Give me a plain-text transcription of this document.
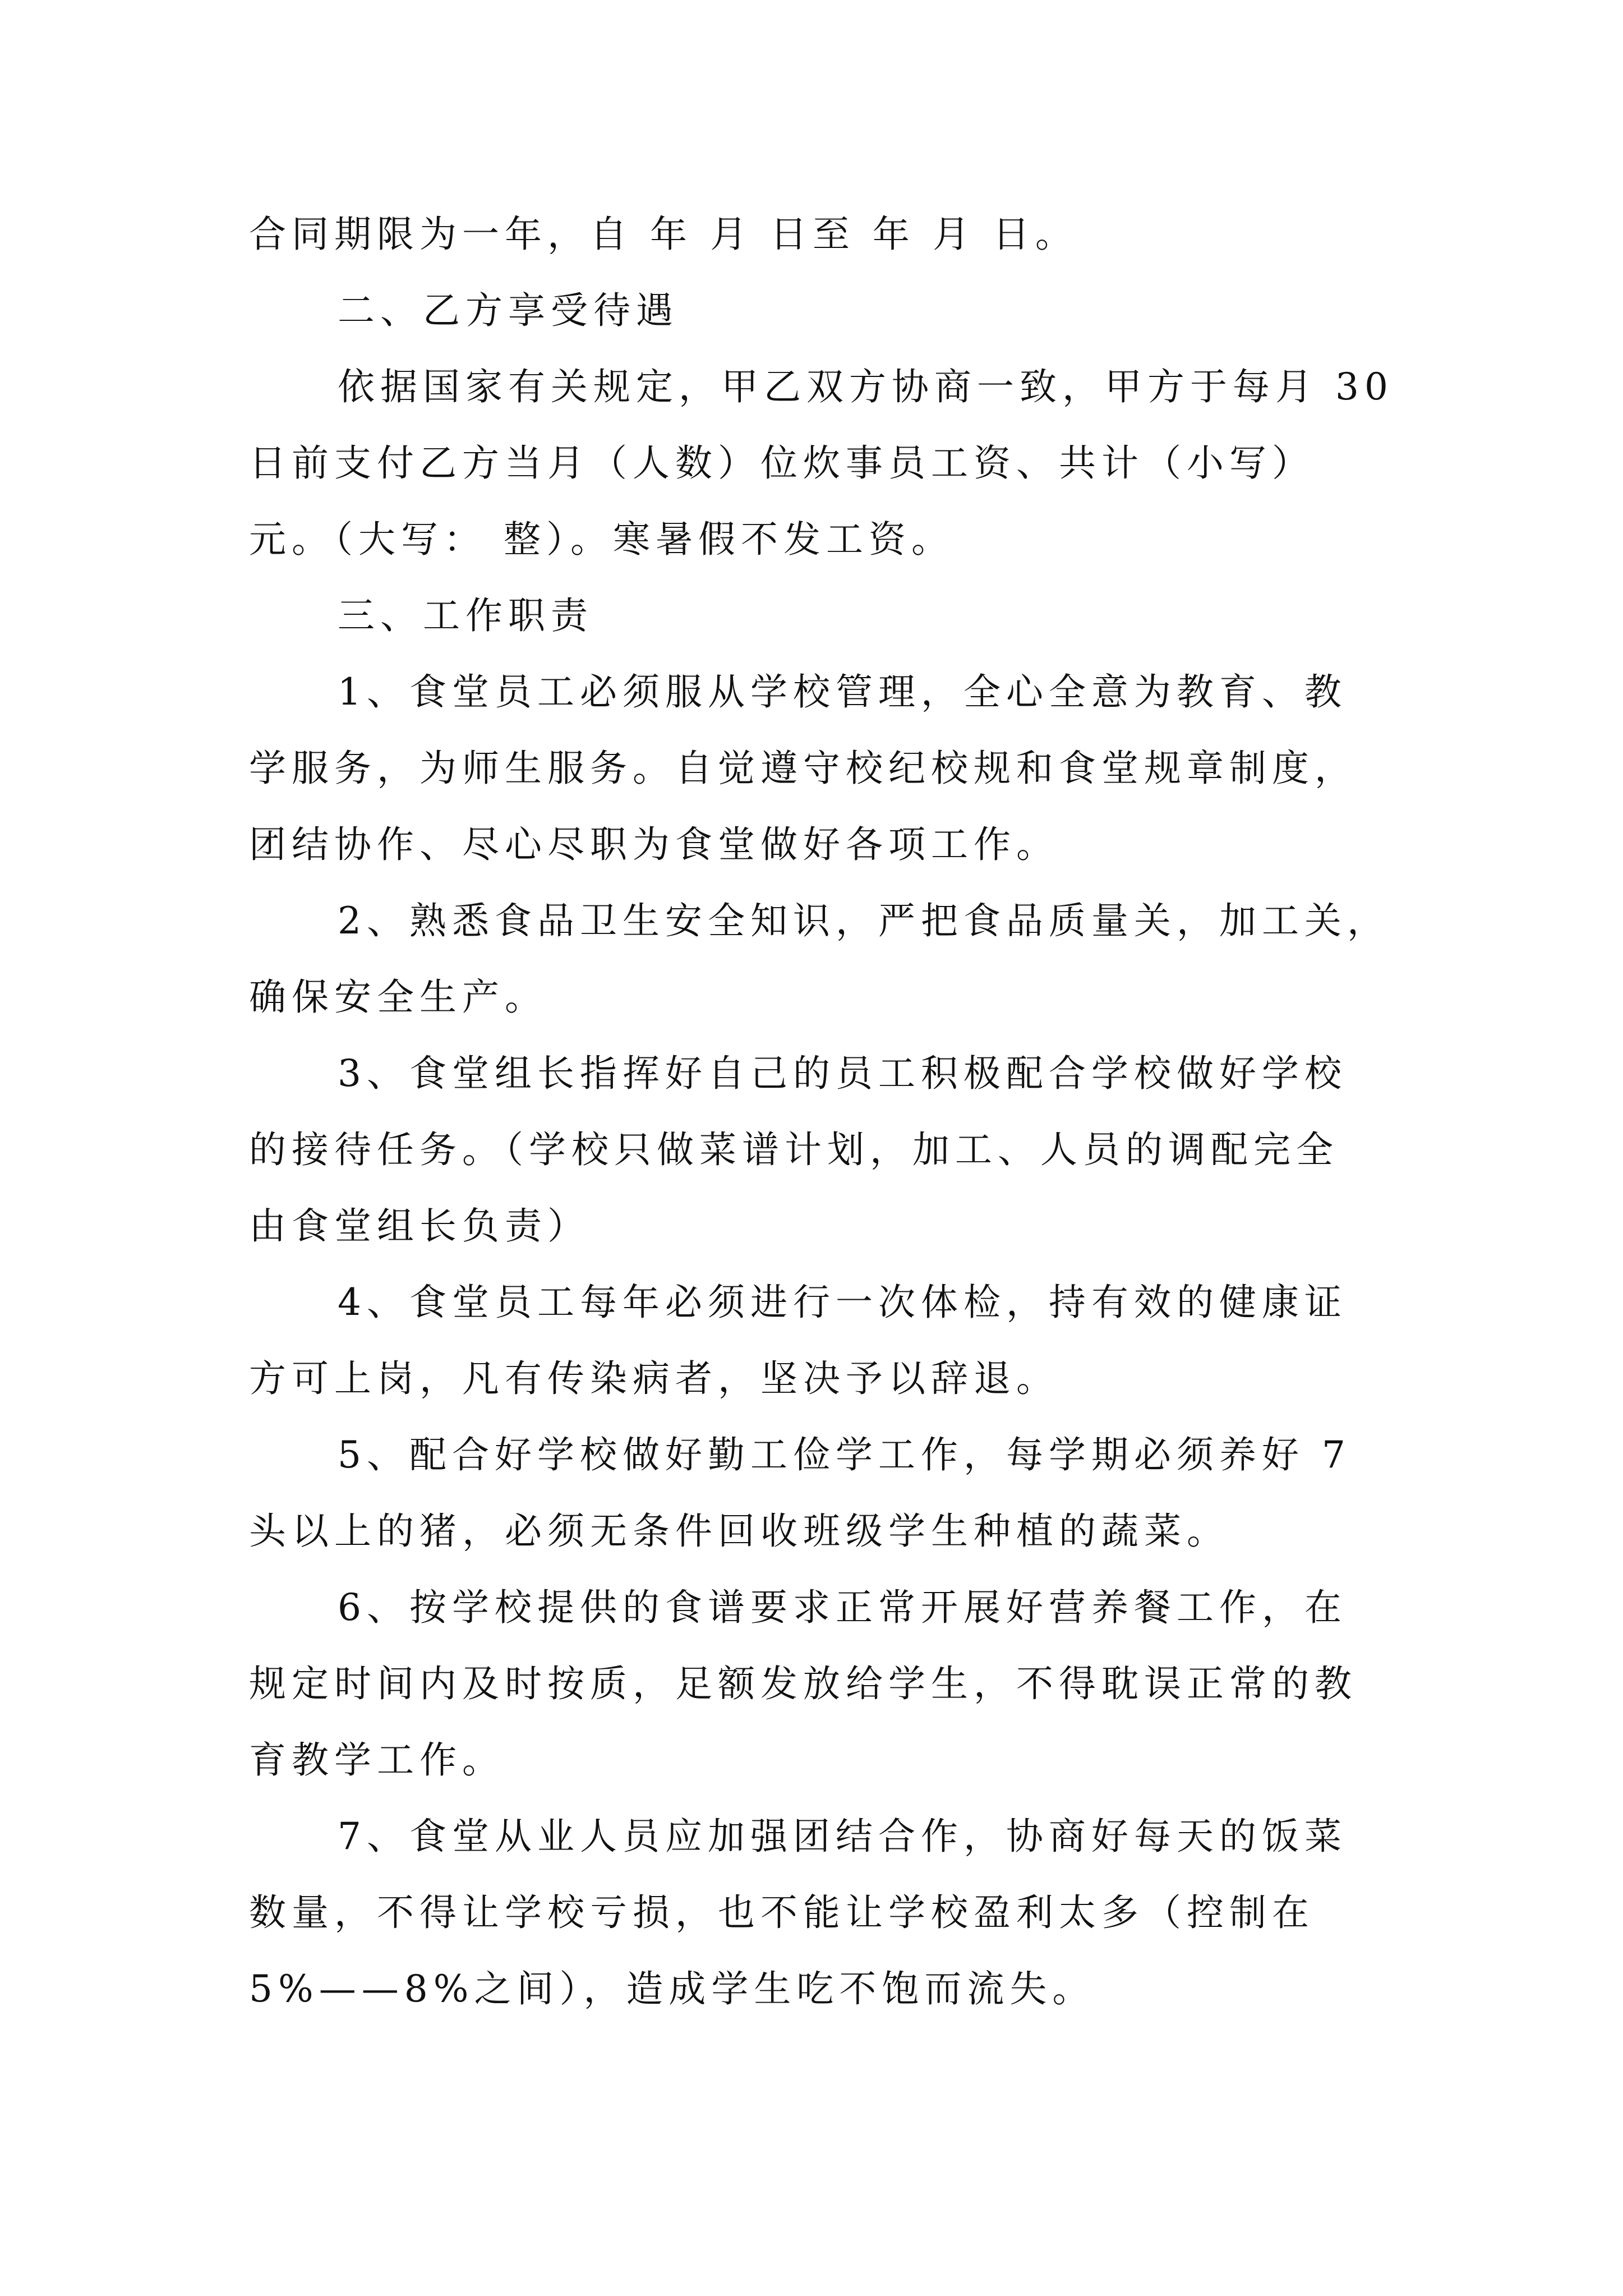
合同期限为一年，自 年 月 日至 年 月 日。
二、乙方享受待遇
依据国家有关规定，甲乙双方协商一致，甲方于每月 30
日前支付乙方当月（人数）位炊事员工资、共计（小写）
元。（大写： 整）。寒暑假不发工资。
三、工作职责
1、食堂员工必须服从学校管理，全心全意为教育、教
学服务，为师生服务。自觉遵守校纪校规和食堂规章制度，
团结协作、尽心尽职为食堂做好各项工作。
2、熟悉食品卫生安全知识，严把食品质量关，加工关，
确保安全生产。
3、食堂组长指挥好自己的员工积极配合学校做好学校
的接待任务。（学校只做菜谱计划，加工、人员的调配完全
由食堂组长负责）
4、食堂员工每年必须进行一次体检，持有效的健康证
方可上岗，凡有传染病者，坚决予以辞退。
5、配合好学校做好勤工俭学工作，每学期必须养好 7
头以上的猪，必须无条件回收班级学生种植的蔬菜。
6、按学校提供的食谱要求正常开展好营养餐工作，在
规定时间内及时按质，足额发放给学生，不得耽误正常的教
育教学工作。
7、食堂从业人员应加强团结合作，协商好每天的饭菜
数量，不得让学校亏损，也不能让学校盈利太多（控制在
5%——8%之间），造成学生吃不饱而流失。
